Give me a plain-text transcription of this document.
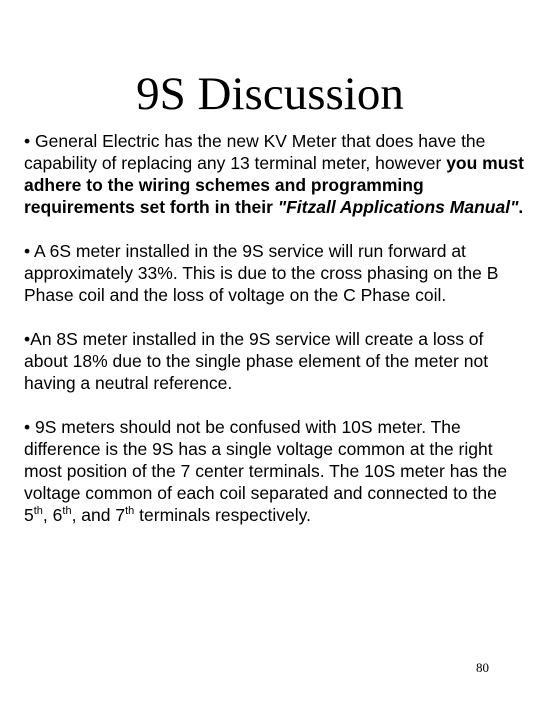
9S Discussion

• General Electric has the new KV Meter that does have the capability of replacing any 13 terminal meter, however you must adhere to the wiring schemes and programming requirements set forth in their "Fitzall Applications Manual".

• A 6S meter installed in the 9S service will run forward at approximately 33%. This is due to the cross phasing on the B Phase coil and the loss of voltage on the C Phase coil.

•An 8S meter installed in the 9S service will create a loss of about 18% due to the single phase element of the meter not having a neutral reference.

• 9S meters should not be confused with 10S meter. The difference is the 9S has a single voltage common at the right most position of the 7 center terminals. The 10S meter has the voltage common of each coil separated and connected to the 5th, 6th, and 7th terminals respectively.

80
